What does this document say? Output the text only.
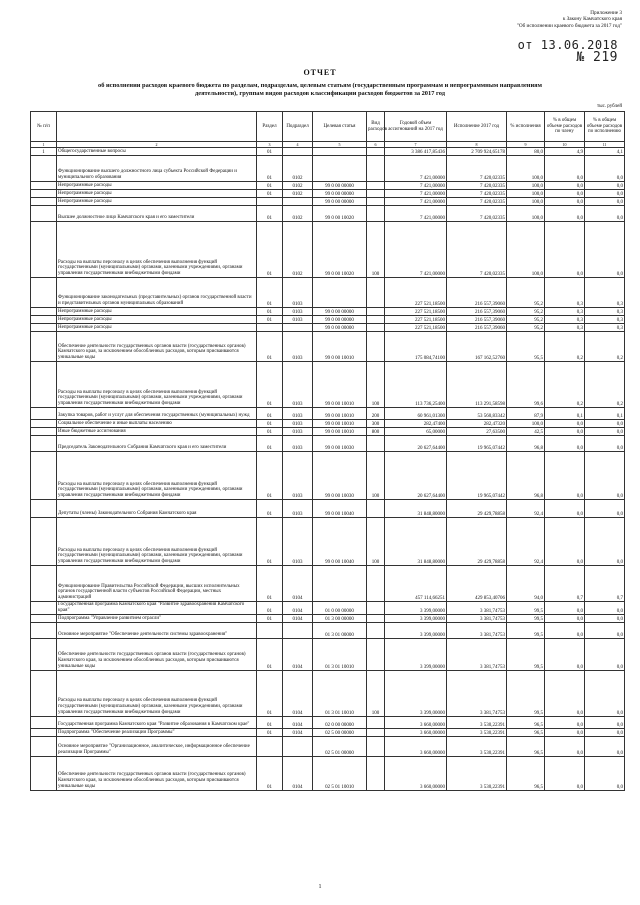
Приложение 3
к Закону Камчатского края
"Об исполнении краевого бюджета за 2017 год"
от 13.06.2018
№ 219
ОТЧЕТ
об исполнении расходов краевого бюджета по разделам, подразделам, целевым статьям (государственным программам и непрограммным направлениям деятельности), группам видов расходов классификации расходов бюджетов за 2017 год
тыс. рублей
№ п/п		Раздел	Подраздел	Целевая статья	Вид расходов	Годовой объем ассигнований на 2017 год	Исполнение 2017 год	% исполнения	% в общем объеме расходов по члену	% в общем объеме расходов по исполнению
1	2	3	4	5	6	7	8	9	10	11
1	Общегосударственные вопросы	01				3 386 417,85436	2 709 924,65178	80,0	4,9	4,1
	Функционирование высшего должностного лица субъекта Российской Федерации и муниципального образования	01	0102			7 421,00000	7 420,02335	100,0	0,0	0,0
	Непрограммные расходы	01	0102	99 0 00 00000		7 421,00000	7 420,02335	100,0	0,0	0,0
	Непрограммные расходы	01	0102	99 0 00 00000		7 421,00000	7 420,02335	100,0	0,0	0,0
	Непрограммные расходы			99 0 00 00000		7 421,00000	7 420,02335	100,0	0,0	0,0
	Высшее должностное лицо Камчатского края и его заместители	01	0102	99 0 00 10020		7 421,00000	7 420,02335	100,0	0,0	0,0
	Расходы на выплаты персоналу в целях обеспечения выполнения функций государственными (муниципальными) органами, казенными учреждениями, органами управления государственными внебюджетными фондами	01	0102	99 0 00 10020	100	7 421,00000	7 420,02335	100,0	0,0	0,0
	Функционирование законодательных (представительных) органов государственной власти и представительных органов муниципальных образований	01	0103			227 521,18500	216 557,39060	95,2	0,3	0,3
	Непрограммные расходы	01	0103	99 0 00 00000		227 521,18500	216 557,39060	95,2	0,3	0,3
	Непрограммные расходы	01	0103	99 0 00 00000		227 521,18500	216 557,39060	95,2	0,3	0,3
	Непрограммные расходы			99 0 00 00000		227 521,18500	216 557,39060	95,2	0,3	0,3
	Обеспечение деятельности государственных органов власти (государственных органов) Камчатского края, за исключением обособленных расходов, которым присваиваются уникальные коды	01	0103	99 0 00 10010		175 084,74100	167 162,52760	95,5	0,2	0,2
	Расходы на выплаты персоналу в целях обеспечения выполнения функций государственными (муниципальными) органами, казенными учреждениями, органами управления государственными внебюджетными фондами	01	0103	99 0 00 10010	100	113 736,25400	113 291,58598	99,6	0,2	0,2
	Закупка товаров, работ и услуг для обеспечения государственных (муниципальных) нужд	01	0103	99 0 00 10010	200	60 961,01300	53 560,83342	87,9	0,1	0,1
	Социальное обеспечение и иные выплаты населению	01	0103	99 0 00 10010	300	282,47400	282,47320	100,0	0,0	0,0
	Иные бюджетные ассигнования	01	0103	99 0 00 10010	800	65,00000	27,63500	42,5	0,0	0,0
	Председатель Законодательного Собрания Камчатского края и его заместители	01	0103	99 0 00 10030		20 627,64400	19 965,07442	96,8	0,0	0,0
	Расходы на выплаты персоналу в целях обеспечения выполнения функций государственными (муниципальными) органами, казенными учреждениями, органами управления государственными внебюджетными фондами	01	0103	99 0 00 10030	100	20 627,64400	19 965,07442	96,8	0,0	0,0
	Депутаты (члены) Законодательного Собрания Камчатского края	01	0103	99 0 00 10040		31 848,80000	29 429,78858	92,4	0,0	0,0
	Расходы на выплаты персоналу в целях обеспечения выполнения функций государственными (муниципальными) органами, казенными учреждениями, органами управления государственными внебюджетными фондами	01	0103	99 0 00 10040	100	31 848,80000	29 429,78858	92,4	0,0	0,0
	Функционирование Правительства Российской Федерации, высших исполнительных органов государственной власти субъектов Российской Федерации, местных администраций	01	0104			457 114,66251	429 853,40706	94,0	0,7	0,7
	Государственная программа Камчатского края "Развитие здравоохранения Камчатского края"	01	0104	01 0 00 00000		3 399,00000	3 381,74753	99,5	0,0	0,0
	Подпрограмма "Управление развитием отрасли"	01	0104	01 3 00 00000		3 399,00000	3 381,74753	99,5	0,0	0,0
	Основное мероприятие "Обеспечение деятельности системы здравоохранения"			01 3 01 00000		3 399,00000	3 381,74753	99,5	0,0	0,0
	Обеспечение деятельности государственных органов власти (государственных органов) Камчатского края, за исключением обособленных расходов, которым присваиваются уникальные коды	01	0104	01 3 01 10010		3 399,00000	3 381,74753	99,5	0,0	0,0
	Расходы на выплаты персоналу в целях обеспечения выполнения функций государственными (муниципальными) органами, казенными учреждениями, органами управления государственными внебюджетными фондами	01	0104	01 3 01 10010	100	3 399,00000	3 381,74753	99,5	0,0	0,0
	Государственная программа Камчатского края "Развитие образования в Камчатском крае"	01	0104	02 0 00 00000		3 660,00000	3 530,22391	96,5	0,0	0,0
	Подпрограмма "Обеспечение реализации Программы"	01	0104	02 5 00 00000		3 660,00000	3 530,22391	96,5	0,0	0,0
	Основное мероприятие "Организационное, аналитическое, информационное обеспечение реализации Программы"			02 5 01 00000		3 660,00000	3 530,22391	96,5	0,0	0,0
	Обеспечение деятельности государственных органов власти (государственных органов) Камчатского края, за исключением обособленных расходов, которым присваиваются уникальные коды	01	0104	02 5 01 10010		3 660,00000	3 530,22391	96,5	0,0	0,0
1
